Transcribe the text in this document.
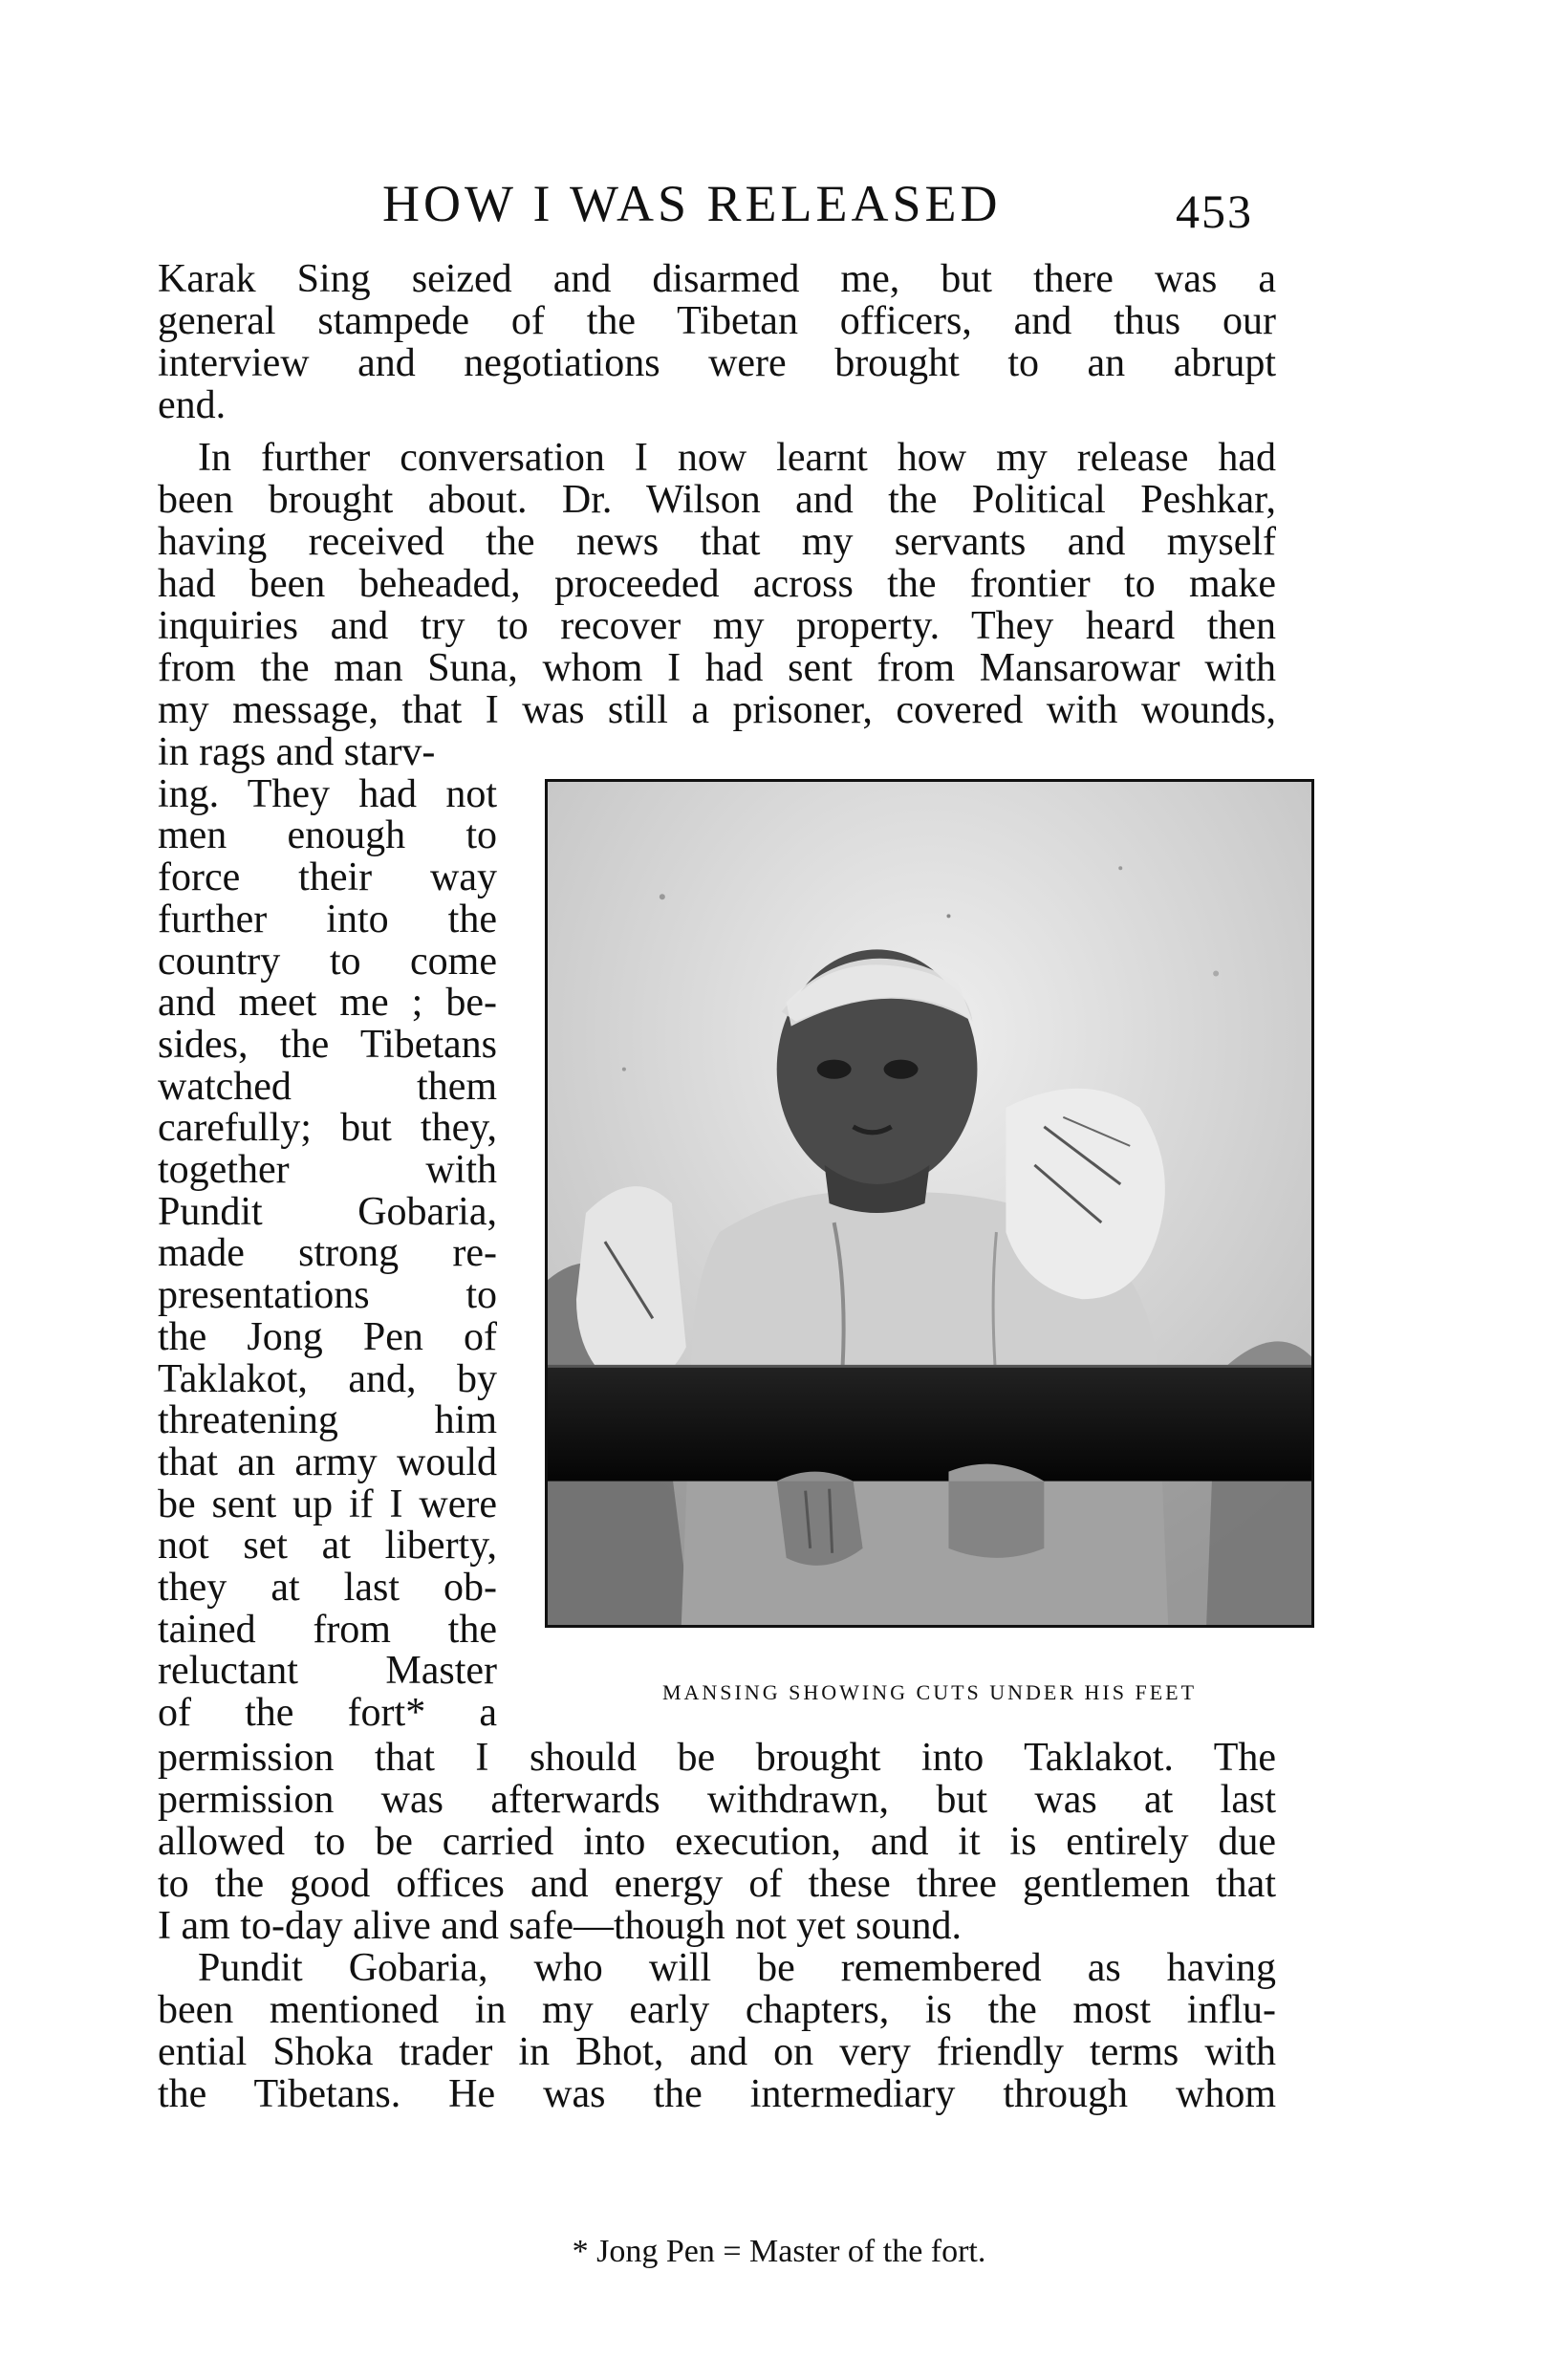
HOW I WAS RELEASED	453
Karak Sing seized and disarmed me, but there was a
general stampede of the Tibetan officers, and thus our
interview and negotiations were brought to an abrupt
end.
In further conversation I now learnt how my release had
been brought about. Dr. Wilson and the Political Peshkar,
having received the news that my servants and myself
had been beheaded, proceeded across the frontier to make
inquiries and try to recover my property. They heard then
from the man Suna, whom I had sent from Mansarowar with
my message, that I was still a prisoner, covered with wounds,
in rags and starv-
ing. They had not
men enough to
force their way
further into the
country to come
and meet me ; be-
sides, the Tibetans
watched them
carefully; but they,
together with
Pundit Gobaria,
made strong re-
presentations to
the Jong Pen of
Taklakot, and, by
threatening him
that an army would
be sent up if I were
not set at liberty,
they at last ob-
tained from the
reluctant Master
of the fort* a	MANSING SHOWING CUTS UNDER HIS FEET
permission that I should be brought into Taklakot. The
permission was afterwards withdrawn, but was at last
allowed to be carried into execution, and it is entirely due
to the good offices and energy of these three gentlemen that
I am to-day alive and safe—though not yet sound.
Pundit Gobaria, who will be remembered as having
been mentioned in my early chapters, is the most influ-
ential Shoka trader in Bhot, and on very friendly terms with
the Tibetans. He was the intermediary through whom
* Jong Pen = Master of the fort.
